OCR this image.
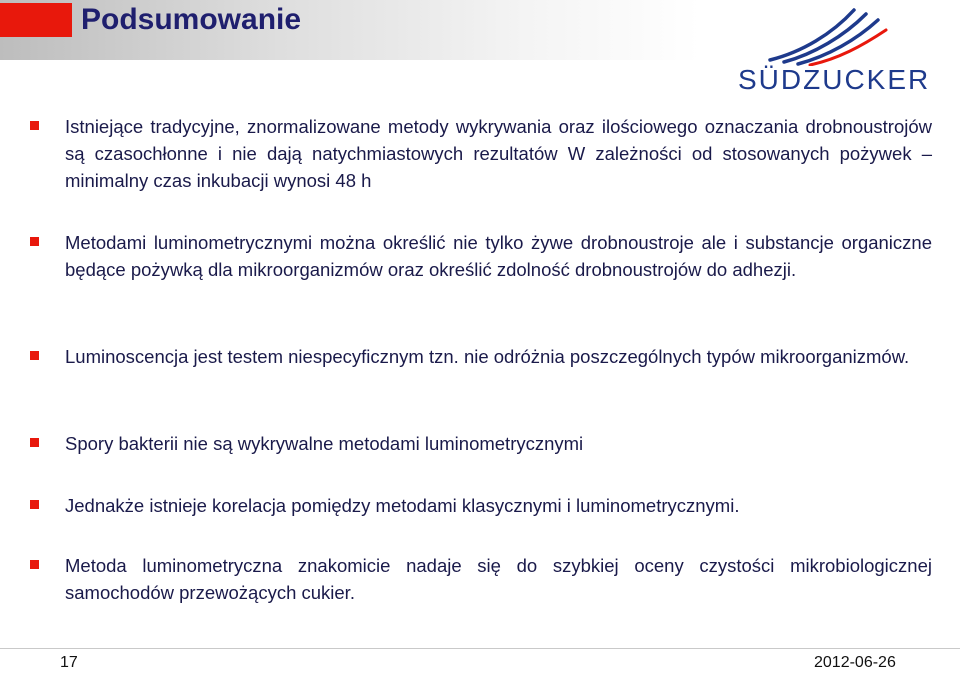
Podsumowanie
SÜDZUCKER
Istniejące tradycyjne, znormalizowane metody wykrywania oraz ilościowego oznaczania drobnoustrojów są czasochłonne i nie dają natychmiastowych rezultatów W zależności od stosowanych pożywek – minimalny czas inkubacji wynosi 48 h
Metodami luminometrycznymi można określić nie tylko żywe drobnoustroje ale i substancje organiczne będące pożywką dla mikroorganizmów oraz określić zdolność drobnoustrojów do adhezji.
Luminoscencja jest testem niespecyficznym tzn. nie odróżnia poszczególnych typów mikroorganizmów.
Spory bakterii nie są wykrywalne metodami luminometrycznymi
Jednakże istnieje korelacja pomiędzy metodami klasycznymi i luminometrycznymi.
Metoda luminometryczna znakomicie nadaje się do szybkiej oceny czystości mikrobiologicznej samochodów przewożących cukier.
17	2012-06-26
